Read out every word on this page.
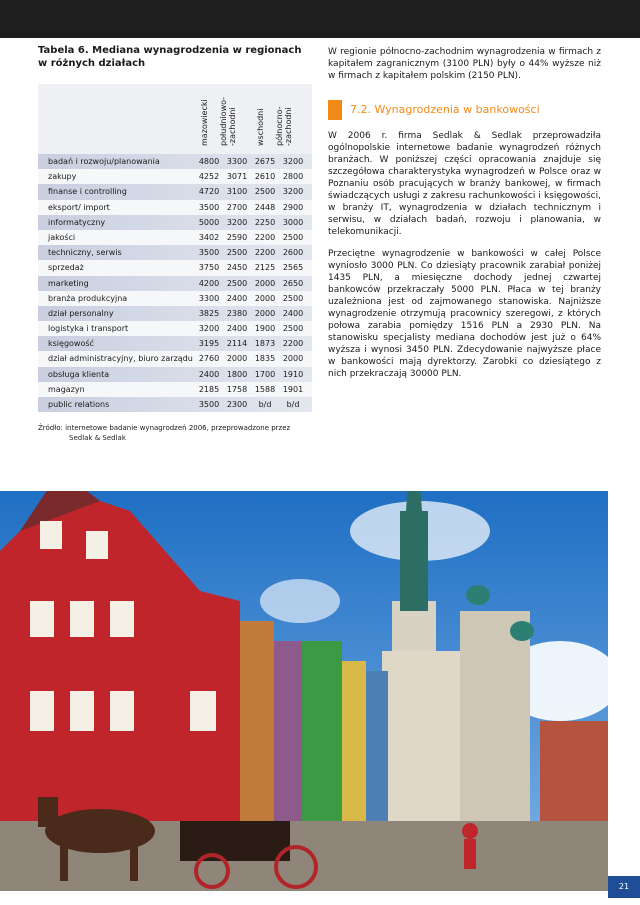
Tabela 6. Mediana wynagrodzenia w regionach w różnych działach
mazowiecki południowo-
-zachodni wschodni północno-
-zachodni
badań i rozwoju/planowania	4800 3300 2675 3200
zakupy	4252 3071 2610 2800
finanse i controlling	4720 3100 2500 3200
eksport/ import	3500 2700 2448 2900
informatyczny	5000 3200 2250 3000
jakości	3402 2590 2200 2500
techniczny, serwis	3500 2500 2200 2600
sprzedaż	3750 2450 2125 2565
marketing	4200 2500 2000 2650
branża produkcyjna	3300 2400 2000 2500
dział personalny	3825 2380 2000 2400
logistyka i transport	3200 2400 1900 2500
księgowość	3195 2114 1873 2200
dział administracyjny, biuro zarządu 2760 2000 1835 2000
obsługa klienta	2400 1800 1700 1910
magazyn	2185 1758 1588 1901
public relations	3500 2300	b/d	b/d
Źródło: internetowe badanie wynagrodzeń 2006, przeprowadzone przez
Sedlak & Sedlak

W regionie północno-zachodnim wynagrodzenia w firmach z kapitałem zagranicznym (3100 PLN) były o 44% wyższe niż w firmach z kapitałem polskim (2150 PLN).

7.2. Wynagrodzenia w bankowości

W 2006 r. firma Sedlak & Sedlak przeprowadziła ogólnopolskie internetowe badanie wynagrodzeń różnych branżach. W poniższej części opracowania znajduje się szczegółowa charakterystyka wynagrodzeń w Polsce oraz w Poznaniu osób pracujących w branży bankowej, w firmach świadczących usługi z zakresu rachunkowości i księgowości, w branży IT, wynagrodzenia w działach technicznym i serwisu, w działach badań, rozwoju i planowania, w telekomunikacji.

Przeciętne wynagrodzenie w bankowości w całej Polsce wyniosło 3000 PLN. Co dziesiąty pracownik zarabiał poniżej 1435 PLN, a miesięczne dochody jednej czwartej bankowców przekraczały 5000 PLN. Płaca w tej branży uzależniona jest od zajmowanego stanowiska. Najniższe wynagrodzenie otrzymują pracownicy szeregowi, z których połowa zarabia pomiędzy 1516 PLN a 2930 PLN. Na stanowisku specjalisty mediana dochodów jest już o 64% wyższa i wynosi 3450 PLN. Zdecydowanie najwyższe płace w bankowości mają dyrektorzy. Zarobki co dziesiątego z nich przekraczają 30000 PLN.

21
